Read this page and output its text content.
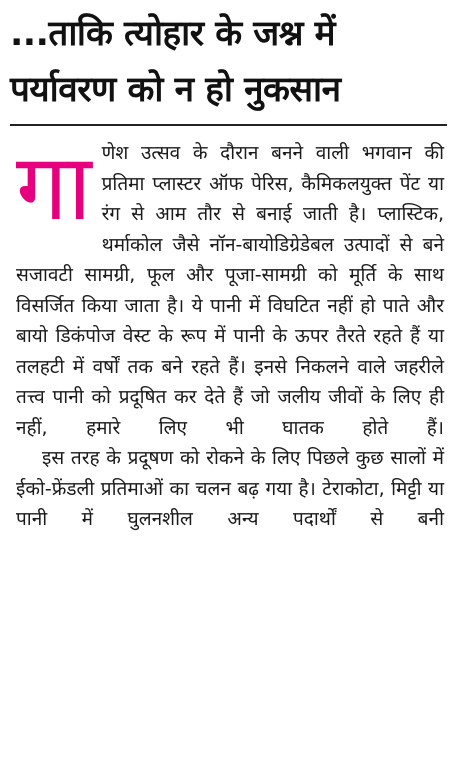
...ताकि त्योहार के जश्न में
पर्यावरण को न हो नुकसान
गा णेश उत्सव के दौरान बनने वाली भगवान की प्रतिमा प्लास्टर ऑफ पेरिस, कैमिकलयुक्त पेंट या रंग से आम तौर से बनाई जाती है। प्लास्टिक, थर्माकोल जैसे नॉन-बायोडिग्रेडेबल उत्पादों से बने सजावटी सामग्री, फूल और पूजा-सामग्री को मूर्ति के साथ विसर्जित किया जाता है। ये पानी में विघटित नहीं हो पाते और बायो डिकंपोज वेस्ट के रूप में पानी के ऊपर तैरते रहते हैं या तलहटी में वर्षों तक बने रहते हैं। इनसे निकलने वाले जहरीले तत्त्व पानी को प्रदूषित कर देते हैं जो जलीय जीवों के लिए ही नहीं, हमारे लिए भी घातक होते हैं।

इस तरह के प्रदूषण को रोकने के लिए पिछले कुछ सालों में ईको-फ्रेंडली प्रतिमाओं का चलन बढ़ गया है। टेराकोटा, मिट्टी या पानी में घुलनशील अन्य पदार्थों से बनी
